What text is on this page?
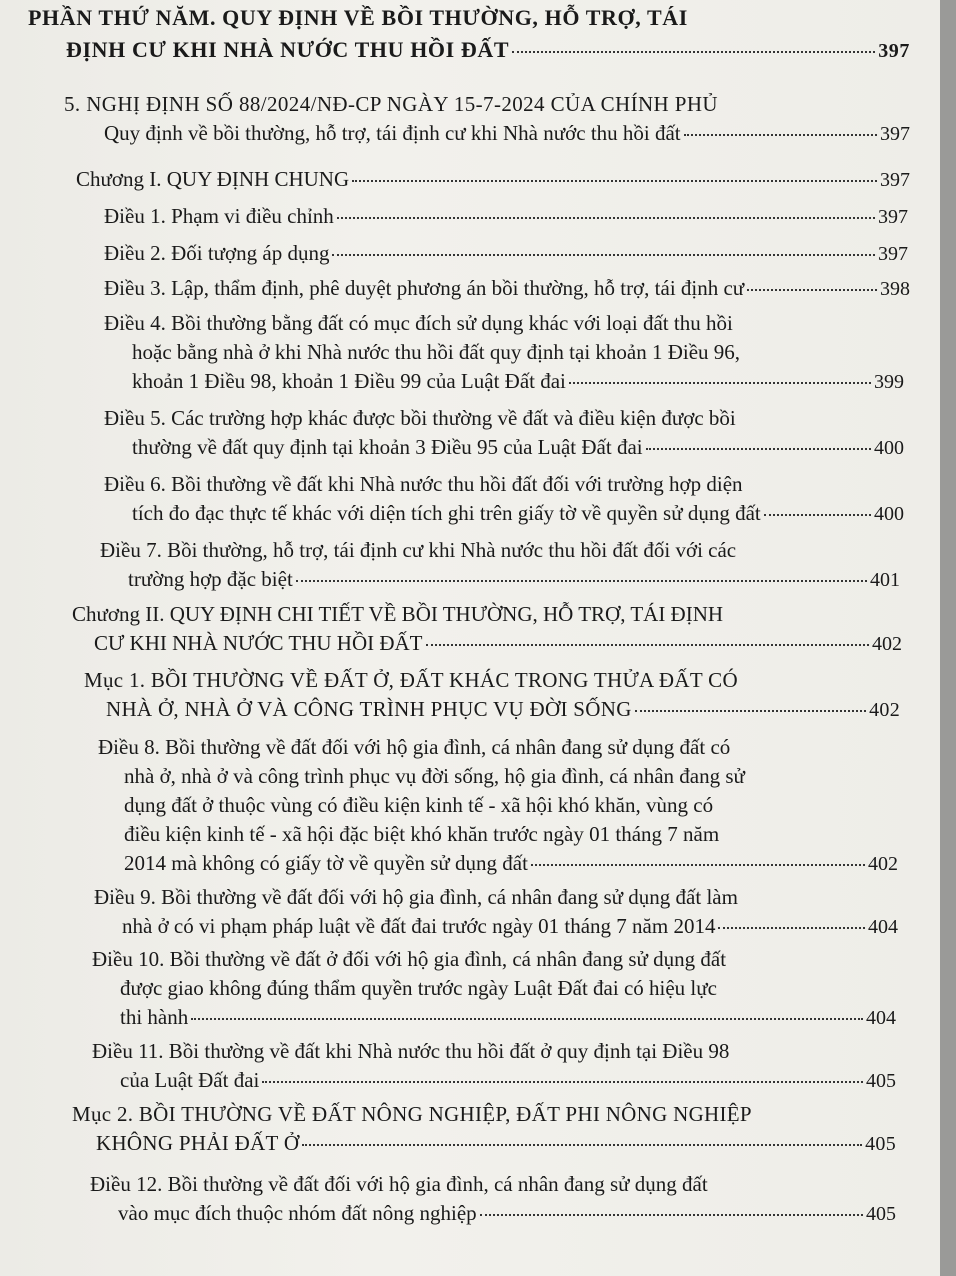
PHẦN THỨ NĂM. QUY ĐỊNH VỀ BỒI THƯỜNG, HỖ TRỢ, TÁI
ĐỊNH CƯ KHI NHÀ NƯỚC THU HỒI ĐẤT	397
5. NGHỊ ĐỊNH SỐ 88/2024/NĐ-CP NGÀY 15-7-2024 CỦA CHÍNH PHỦ
Quy định về bồi thường, hỗ trợ, tái định cư khi Nhà nước thu hồi đất	397
Chương I. QUY ĐỊNH CHUNG	397
Điều 1. Phạm vi điều chỉnh	397
Điều 2. Đối tượng áp dụng	397
Điều 3. Lập, thẩm định, phê duyệt phương án bồi thường, hỗ trợ, tái định cư	398
Điều 4. Bồi thường bằng đất có mục đích sử dụng khác với loại đất thu hồi
hoặc bằng nhà ở khi Nhà nước thu hồi đất quy định tại khoản 1 Điều 96,
khoản 1 Điều 98, khoản 1 Điều 99 của Luật Đất đai	399
Điều 5. Các trường hợp khác được bồi thường về đất và điều kiện được bồi
thường về đất quy định tại khoản 3 Điều 95 của Luật Đất đai	400
Điều 6. Bồi thường về đất khi Nhà nước thu hồi đất đối với trường hợp diện
tích đo đạc thực tế khác với diện tích ghi trên giấy tờ về quyền sử dụng đất	400
Điều 7. Bồi thường, hỗ trợ, tái định cư khi Nhà nước thu hồi đất đối với các
trường hợp đặc biệt	401
Chương II. QUY ĐỊNH CHI TIẾT VỀ BỒI THƯỜNG, HỖ TRỢ, TÁI ĐỊNH
CƯ KHI NHÀ NƯỚC THU HỒI ĐẤT	402
Mục 1. BỒI THƯỜNG VỀ ĐẤT Ở, ĐẤT KHÁC TRONG THỬA ĐẤT CÓ
NHÀ Ở, NHÀ Ở VÀ CÔNG TRÌNH PHỤC VỤ ĐỜI SỐNG	402
Điều 8. Bồi thường về đất đối với hộ gia đình, cá nhân đang sử dụng đất có
nhà ở, nhà ở và công trình phục vụ đời sống, hộ gia đình, cá nhân đang sử
dụng đất ở thuộc vùng có điều kiện kinh tế - xã hội khó khăn, vùng có
điều kiện kinh tế - xã hội đặc biệt khó khăn trước ngày 01 tháng 7 năm
2014 mà không có giấy tờ về quyền sử dụng đất	402
Điều 9. Bồi thường về đất đối với hộ gia đình, cá nhân đang sử dụng đất làm
nhà ở có vi phạm pháp luật về đất đai trước ngày 01 tháng 7 năm 2014	404
Điều 10. Bồi thường về đất ở đối với hộ gia đình, cá nhân đang sử dụng đất
được giao không đúng thẩm quyền trước ngày Luật Đất đai có hiệu lực
thi hành	404
Điều 11. Bồi thường về đất khi Nhà nước thu hồi đất ở quy định tại Điều 98
của Luật Đất đai	405
Mục 2. BỒI THƯỜNG VỀ ĐẤT NÔNG NGHIỆP, ĐẤT PHI NÔNG NGHIỆP
KHÔNG PHẢI ĐẤT Ở	405
Điều 12. Bồi thường về đất đối với hộ gia đình, cá nhân đang sử dụng đất
vào mục đích thuộc nhóm đất nông nghiệp	405
